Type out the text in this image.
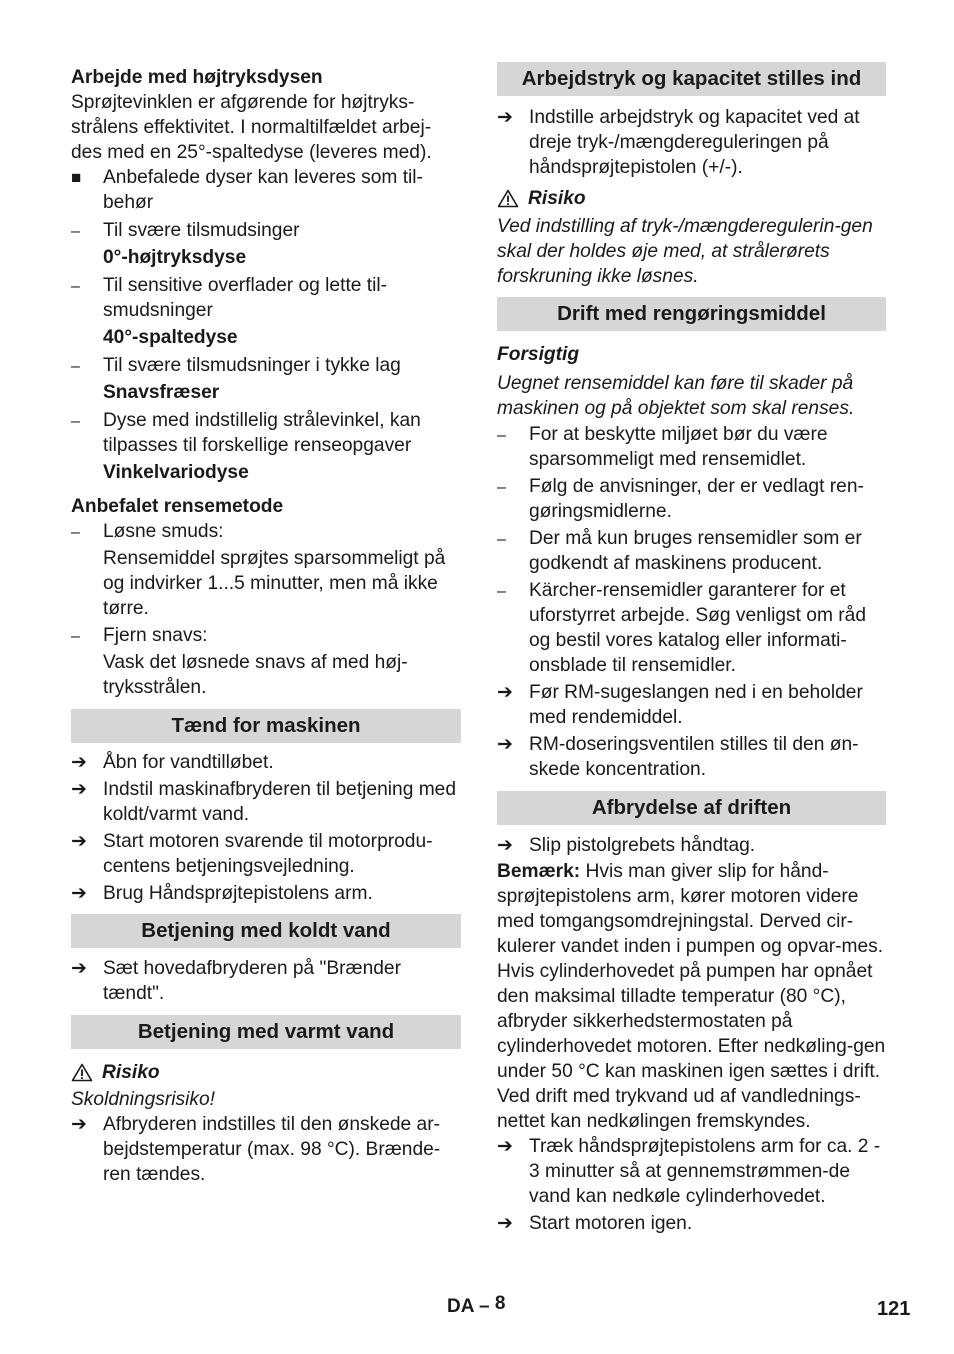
Arbejde med højtryksdysen

Sprøjtevinklen er afgørende for højtryks-strålens effektivitet. I normaltilfældet arbej-des med en 25°-spaltedyse (leveres med).

■	Anbefalede dyser kan leveres som til-behør
–	Til svære tilsmudsinger

0°-højtryksdyse

–	Til sensitive overflader og lette til-smudsninger

40°-spaltedyse

–	Til svære tilsmudsninger i tykke lag

Snavsfræser

–	Dyse med indstillelig strålevinkel, kan tilpasses til forskellige renseopgaver

Vinkelvariodyse

Anbefalet rensemetode

–	Løsne smuds:

Rensemiddel sprøjtes sparsommeligt på og indvirker 1...5 minutter, men må ikke tørre.

–	Fjern snavs:

Vask det løsnede snavs af med høj-tryksstrålen.

Tænd for maskinen
➔ Åbn for vandtilløbet.
➔ Indstil maskinafbryderen til betjening med koldt/varmt vand.
➔ Start motoren svarende til motorprodu-centens betjeningsvejledning.
➔ Brug Håndsprøjtepistolens arm.
Betjening med koldt vand
➔ Sæt hovedafbryderen på "Brænder tændt".
Betjening med varmt vand
Risiko

Skoldningsrisiko!

➔ Afbryderen indstilles til den ønskede ar-bejdstemperatur (max. 98 °C). Brænde-ren tændes.
Arbejdstryk og kapacitet stilles ind
➔ Indstille arbejdstryk og kapacitet ved at dreje tryk-/mængdereguleringen på håndsprøjtepistolen (+/-).
Risiko

Ved indstilling af tryk-/mængderegulerin-gen skal der holdes øje med, at strålerørets forskruning ikke løsnes.

Drift med rengøringsmiddel

Forsigtig

Uegnet rensemiddel kan føre til skader på maskinen og på objektet som skal renses.

–	For at beskytte miljøet bør du være sparsommeligt med rensemidlet.
–	Følg de anvisninger, der er vedlagt ren-gøringsmidlerne.
–	Der må kun bruges rensemidler som er godkendt af maskinens producent.
–	Kärcher-rensemidler garanterer for et uforstyrret arbejde. Søg venligst om råd og bestil vores katalog eller informati-onsblade til rensemidler.
➔ Før RM-sugeslangen ned i en beholder med rendemiddel.
➔ RM-doseringsventilen stilles til den øn-skede koncentration.
Afbrydelse af driften
➔ Slip pistolgrebets håndtag.

Bemærk: Hvis man giver slip for hånd-sprøjtepistolens arm, kører motoren videre med tomgangsomdrejningstal. Derved cir-kulerer vandet inden i pumpen og opvar-mes. Hvis cylinderhovedet på pumpen har opnået den maksimal tilladte temperatur (80 °C), afbryder sikkerhedstermostaten på cylinderhovedet motoren. Efter nedkøling-gen under 50 °C kan maskinen igen sættes i drift.

Ved drift med trykvand ud af vandlednings-nettet kan nedkølingen fremskyndes.

➔ Træk håndsprøjtepistolens arm for ca. 2 - 3 minutter så at gennemstrømmen-de vand kan nedkøle cylinderhovedet.
➔ Start motoren igen.
DA – 8	121
